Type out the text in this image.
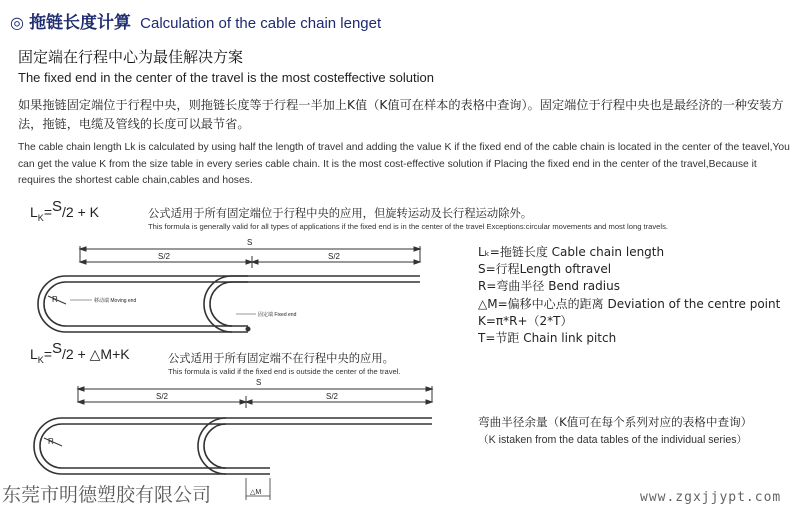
◎ 拖链长度计算 Calculation of the cable chain lenget
固定端在行程中心为最佳解决方案
The fixed end in the center of the travel is the most costeffective solution
如果拖链固定端位于行程中央，则拖链长度等于行程一半加上K值（K值可在样本的表格中查询）。固定端位于行程中央也是最经济的一种安装方法，拖链，电缆及管线的长度可以最节省。
The cable chain length Lk is calculated by using half the length of travel and adding the value K if the fixed end of the cable chain is located in the center of the teavel,You can get the value K from the size table in every series cable chain. It is the most cost-effective solution if Placing the fixed end in the center of the travel,Because it requires the shortest cable chain,cables and hoses.
$L_K=S/2 + K$	公式适用于所有固定端位于行程中央的应用，但旋转运动及长行程运动除外。
This formula is generally valid for all types of applications if the fixed end is in the center of the travel Exceptions:circular movements and most long travels.
$L_K=S/2$ + △M+K	公式适用于所有固定端不在行程中央的应用。
This formula is valid if the fixed end is outside the center of the travel.
S
S/2	S/2
R	移动端 Moving end
固定端 Fixed end
S
S/2	S/2
R
△M
Lₖ=拖链长度 Cable chain length
S=行程Length oftravel
R=弯曲半径 Bend radius
△M=偏移中心点的距离 Deviation of the centre point
K=π*R+（2*T）
T=节距 Chain link pitch
弯曲半径余量（K值可在每个系列对应的表格中查询）
（K istaken from the data tables of the individual series）
东莞市明德塑胶有限公司	www.zgxjjypt.com
